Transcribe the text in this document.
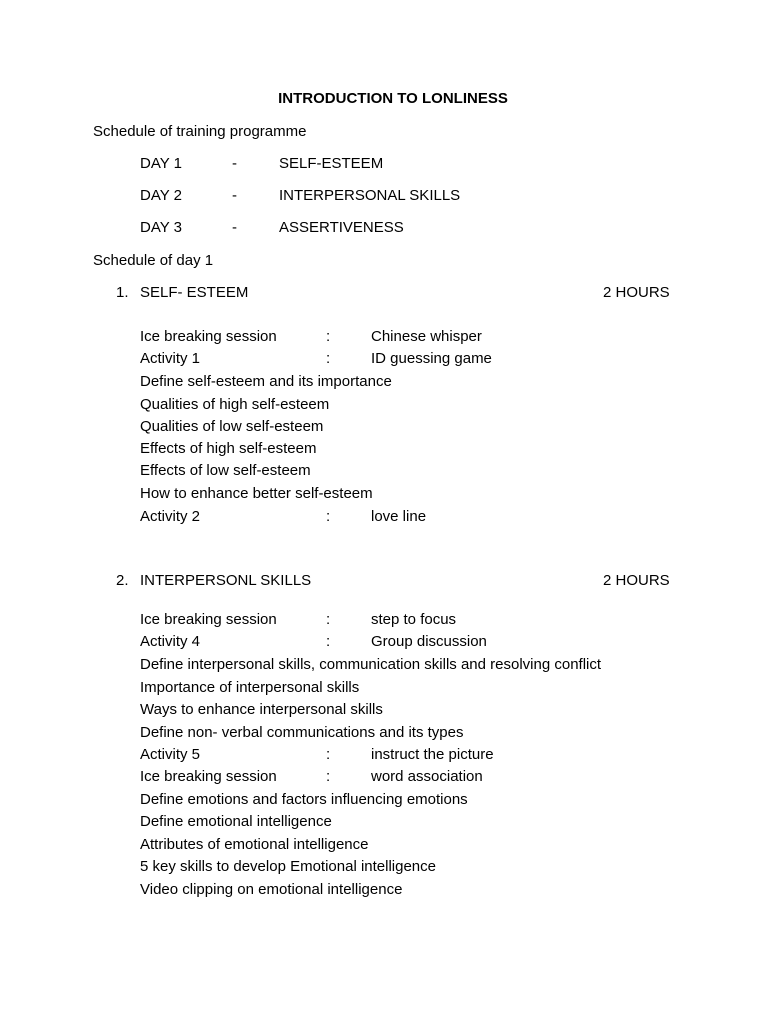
INTRODUCTION TO LONLINESS
Schedule of training programme
DAY 1	-	SELF-ESTEEM
DAY 2	-	INTERPERSONAL SKILLS
DAY 3	-	ASSERTIVENESS
Schedule of day 1
1. SELF- ESTEEM	2 HOURS
Ice breaking session	:	Chinese whisper
Activity 1	:	ID guessing game
Define self-esteem and its importance
Qualities of high self-esteem
Qualities of low self-esteem
Effects of high self-esteem
Effects of low self-esteem
How to enhance better self-esteem
Activity 2	:	love line
2. INTERPERSONL SKILLS	2 HOURS
Ice breaking session	:	step to focus
Activity 4	:	Group discussion
Define interpersonal skills, communication skills and resolving conflict
Importance of interpersonal skills
Ways to enhance interpersonal skills
Define non- verbal communications and its types
Activity 5	:	instruct the picture
Ice breaking session	:	word association
Define emotions and factors influencing emotions
Define emotional intelligence
Attributes of emotional intelligence
5 key skills to develop Emotional intelligence
Video clipping on emotional intelligence
